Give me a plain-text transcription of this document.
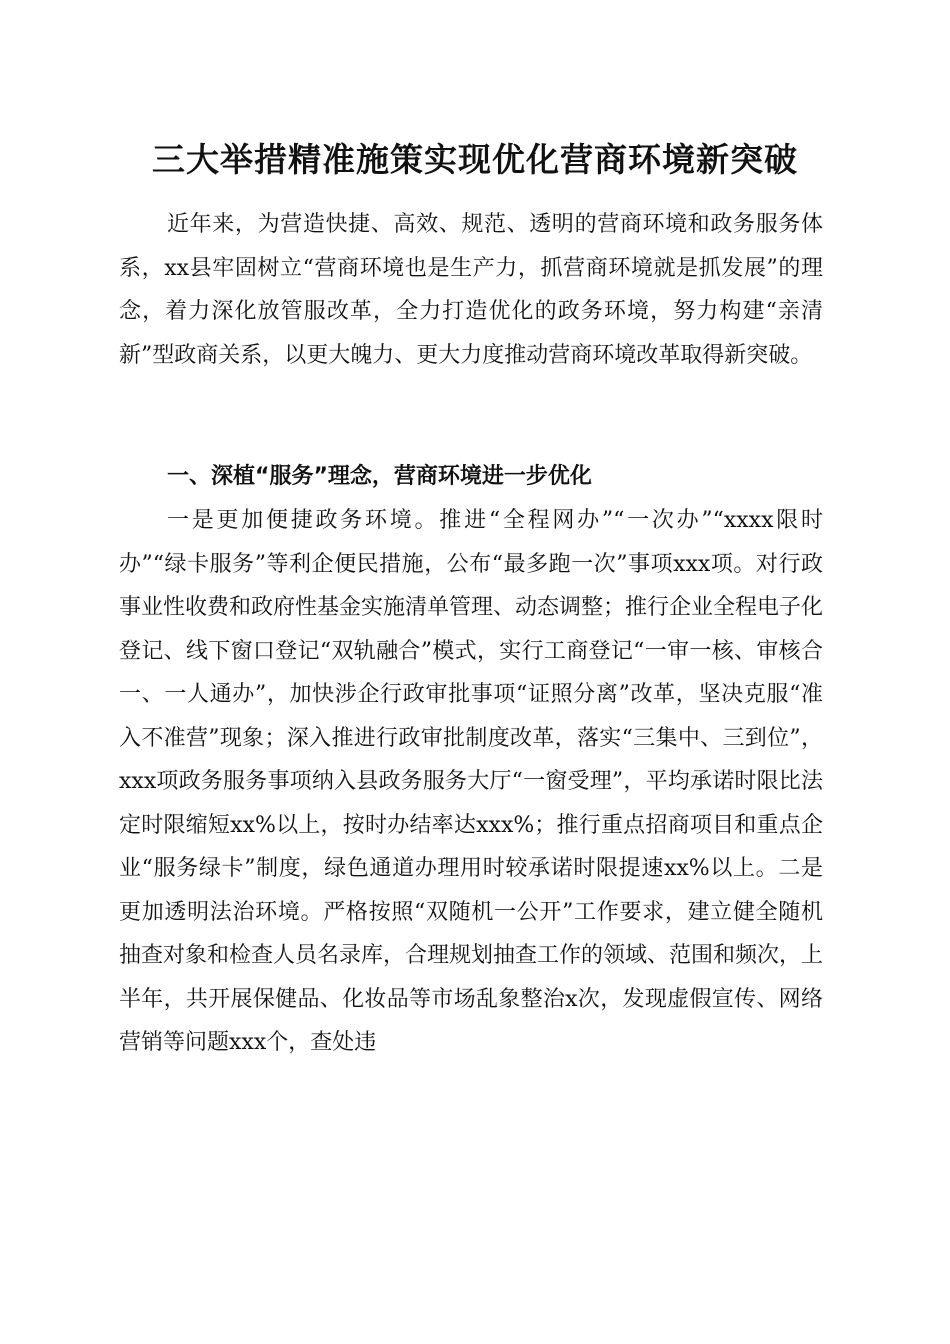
三大举措精准施策实现优化营商环境新突破

近年来，为营造快捷、高效、规范、透明的营商环境和政务服务体系，xx县牢固树立“营商环境也是生产力，抓营商环境就是抓发展”的理念，着力深化放管服改革，全力打造优化的政务环境，努力构建“亲清新”型政商关系，以更大魄力、更大力度推动营商环境改革取得新突破。

一、深植“服务”理念，营商环境进一步优化

一是更加便捷政务环境。推进“全程网办”“一次办”“xxxx限时办”“绿卡服务”等利企便民措施，公布“最多跑一次”事项xxx项。对行政事业性收费和政府性基金实施清单管理、动态调整；推行企业全程电子化登记、线下窗口登记“双轨融合”模式，实行工商登记“一审一核、审核合一、一人通办”，加快涉企行政审批事项“证照分离”改革，坚决克服“准入不准营”现象；深入推进行政审批制度改革，落实“三集中、三到位”，xxx项政务服务事项纳入县政务服务大厅“一窗受理”，平均承诺时限比法定时限缩短xx%以上，按时办结率达xxx%；推行重点招商项目和重点企业“服务绿卡”制度，绿色通道办理用时较承诺时限提速xx%以上。二是更加透明法治环境。严格按照“双随机一公开”工作要求，建立健全随机抽查对象和检查人员名录库，合理规划抽查工作的领域、范围和频次，上半年，共开展保健品、化妆品等市场乱象整治x次，发现虚假宣传、网络营销等问题xxx个，查处违
